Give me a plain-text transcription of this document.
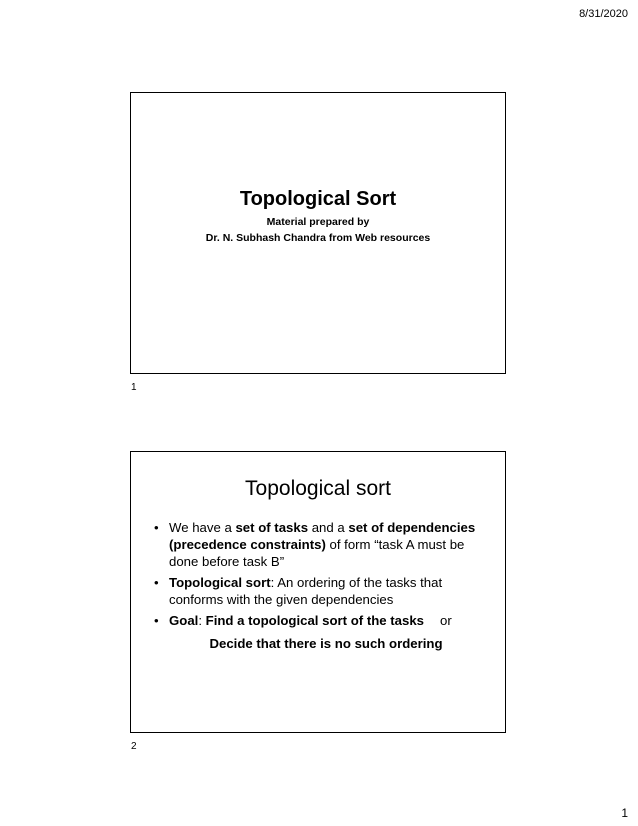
8/31/2020
Topological Sort
Material prepared by
Dr. N. Subhash Chandra from Web resources
1
Topological sort
• We have a set of tasks and a set of dependencies (precedence constraints) of form “task A must be done before task B”
• Topological sort: An ordering of the tasks that conforms with the given dependencies
• Goal: Find a topological sort of the tasks or
Decide that there is no such ordering
2
1
